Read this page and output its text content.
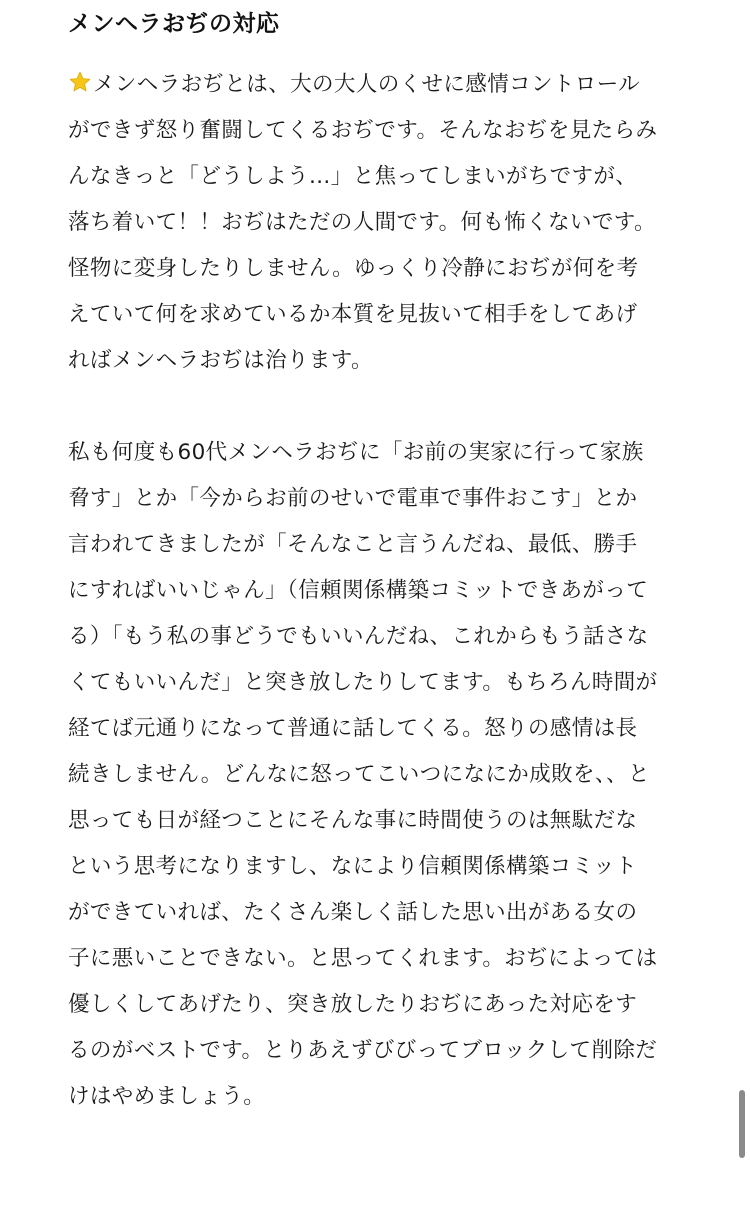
メンヘラおぢの対応

メンヘラおぢとは、大の大人のくせに感情コントロールができず怒り奮闘してくるおぢです。そんなおぢを見たらみんなきっと「どうしよう…」と焦ってしまいがちですが、落ち着いて！！おぢはただの人間です。何も怖くないです。怪物に変身したりしません。ゆっくり冷静におぢが何を考えていて何を求めているか本質を見抜いて相手をしてあげればメンヘラおぢは治ります。

私も何度も60代メンヘラおぢに「お前の実家に行って家族脅す」とか「今からお前のせいで電車で事件おこす」とか言われてきましたが「そんなこと言うんだね、最低、勝手にすればいいじゃん」（信頼関係構築コミットできあがってる）「もう私の事どうでもいいんだね、これからもう話さなくてもいいんだ」と突き放したりしてます。もちろん時間が経てば元通りになって普通に話してくる。怒りの感情は長続きしません。どんなに怒ってこいつになにか成敗を、、と思っても日が経つことにそんな事に時間使うのは無駄だなという思考になりますし、なにより信頼関係構築コミットができていれば、たくさん楽しく話した思い出がある女の子に悪いことできない。と思ってくれます。おぢによっては優しくしてあげたり、突き放したりおぢにあった対応をするのがベストです。とりあえずびびってブロックして削除だけはやめましょう。
